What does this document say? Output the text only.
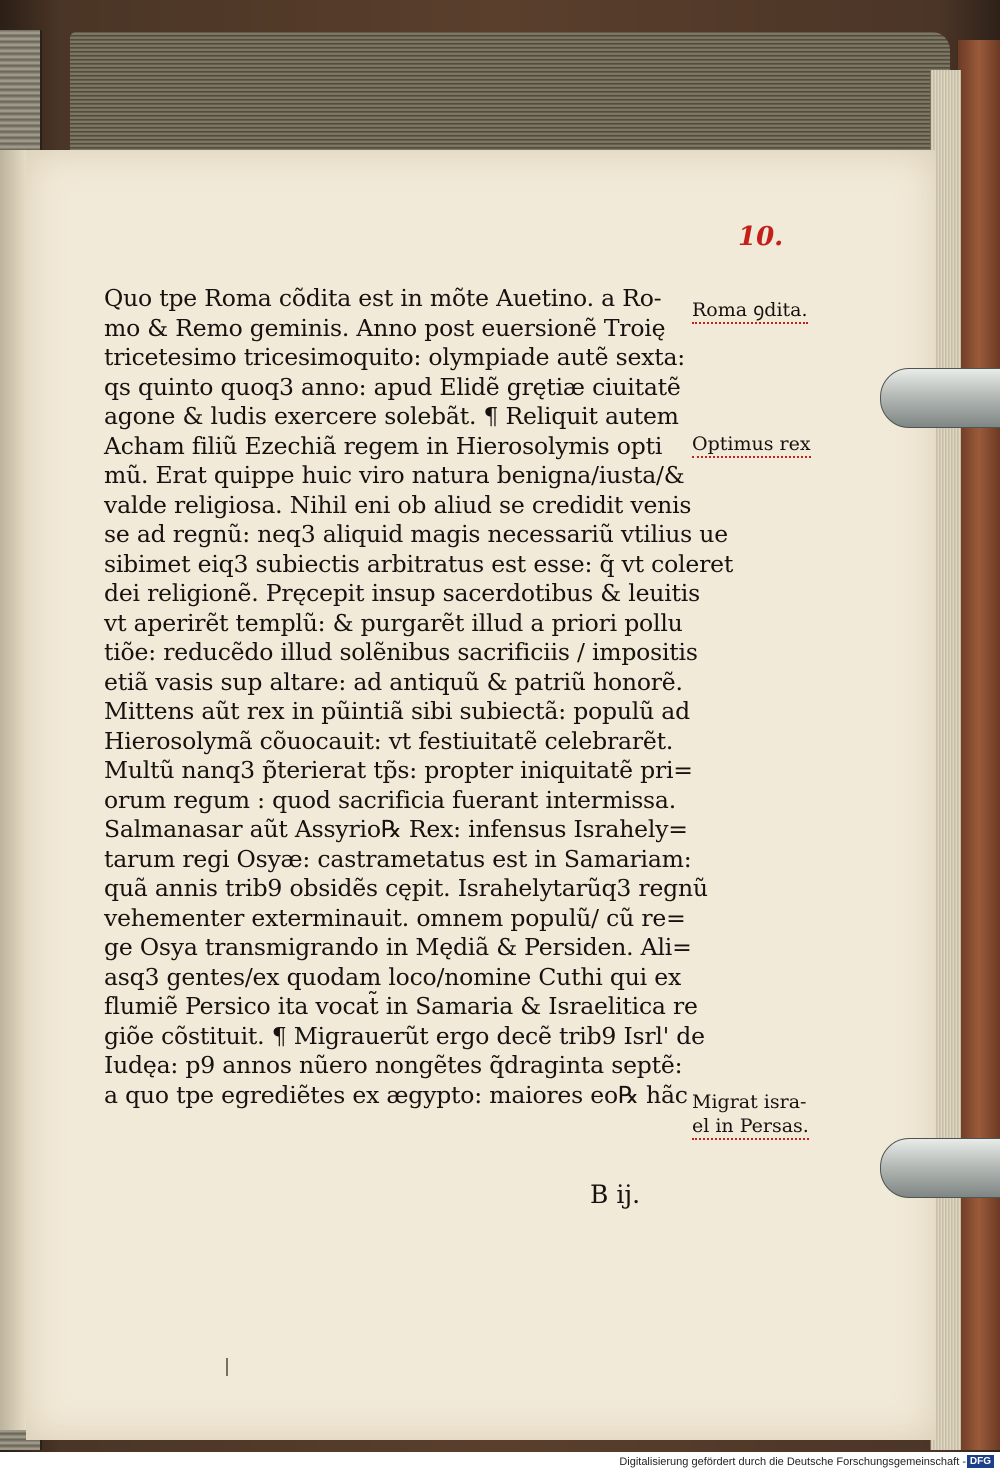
10.
Quo tpe Roma cõdita est in mõte Auetino. a Ro-
mo & Remo geminis. Anno post euersionẽ Troię
tricetesimo tricesimoquito: olympiade autẽ sexta:
qs quinto quoq3 anno: apud Elidẽ grętiæ ciuitatẽ
agone & ludis exercere solebãt. ¶ Reliquit autem
Acham filiũ Ezechiã regem in Hierosolymis opti
mũ. Erat quippe huic viro natura benigna/iusta/&
valde religiosa. Nihil eni ob aliud se credidit venis
se ad regnũ: neq3 aliquid magis necessariũ vtilius ue
sibimet eiq3 subiectis arbitratus est esse: q̃ vt coleret
dei religionẽ. Pręcepit insup sacerdotibus & leuitis
vt aperirẽt templũ: & purgarẽt illud a priori pollu
tiõe: reducẽdo illud solẽnibus sacrificiis / impositis
etiã vasis sup altare: ad antiquũ & patriũ honorẽ.
Mittens aũt rex in pũintiã sibi subiectã: populũ ad
Hierosolymã cõuocauit: vt festiuitatẽ celebrarẽt.
Multũ nanq3 p̃terierat tp̃s: propter iniquitatẽ pri=
orum regum : quod sacrificia fuerant intermissa.
Salmanasar aũt Assyrio℞ Rex: infensus Israhely=
tarum regi Osyæ: castrametatus est in Samariam:
quã annis trib9 obsidẽs cępit. Israhelytarũq3 regnũ
vehementer exterminauit. omnem populũ/ cũ re=
ge Osya transmigrando in Mędiã & Persiden. Ali=
asq3 gentes/ex quodam loco/nomine Cuthi qui ex
flumiẽ Persico ita vocat̃ in Samaria & Israelitica re
giõe cõstituit. ¶ Migrauerũt ergo decẽ trib9 Isrl' de
Iudęa: p9 annos nũero nongẽtes q̃draginta septẽ:
a quo tpe egrediẽtes ex ægypto: maiores eo℞ hãc
Roma ꝯdita.
Optimus rex
Migrat isra-
el in Persas.
B ij.
Digitalisierung gefördert durch die Deutsche Forschungsgemeinschaft - DFG
